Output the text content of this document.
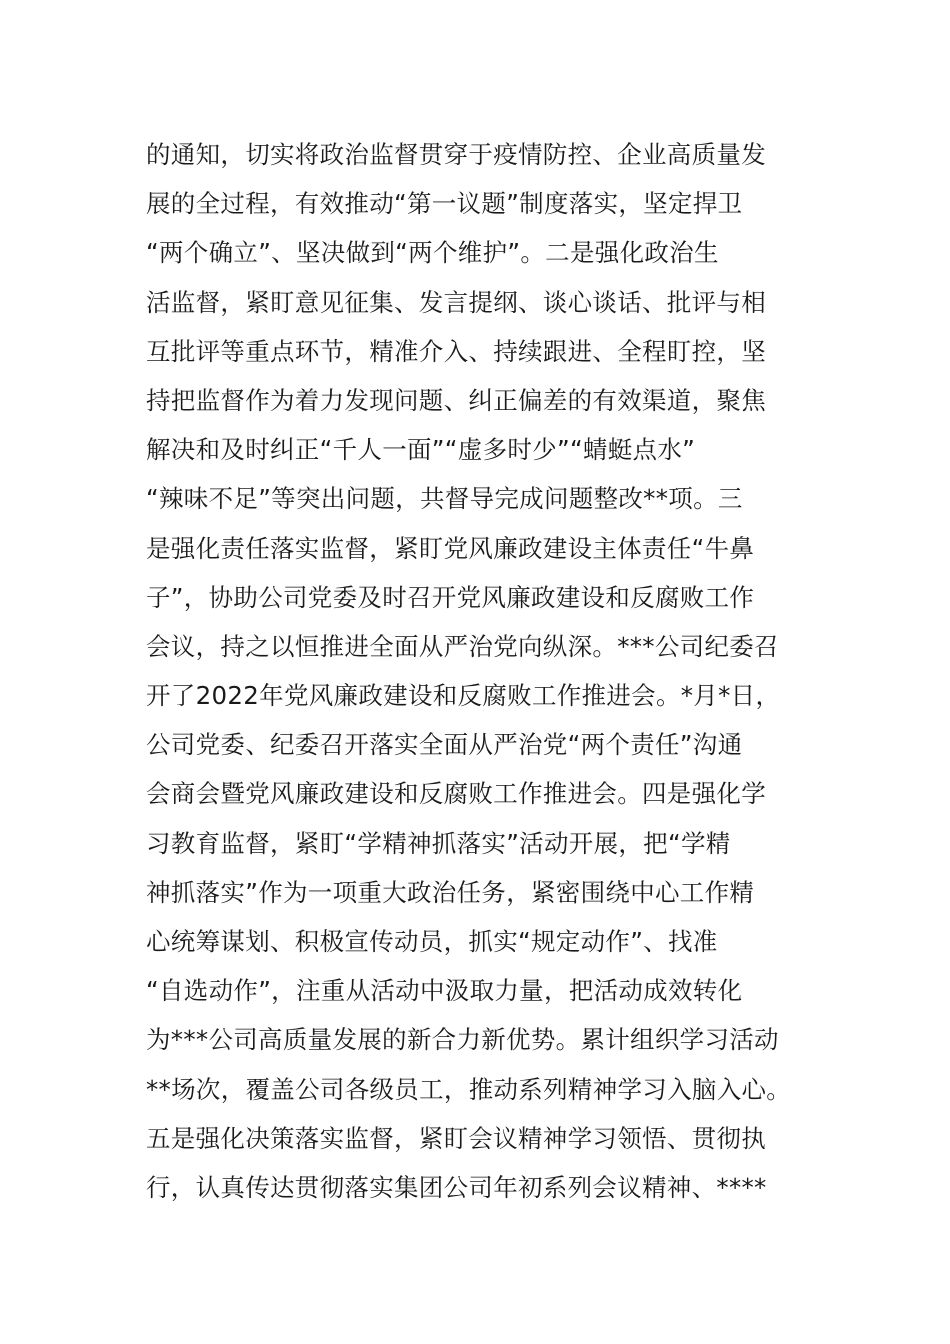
的通知，切实将政治监督贯穿于疫情防控、企业高质量发
展的全过程，有效推动“第一议题”制度落实，坚定捍卫
“两个确立”、坚决做到“两个维护”。二是强化政治生
活监督，紧盯意见征集、发言提纲、谈心谈话、批评与相
互批评等重点环节，精准介入、持续跟进、全程盯控，坚
持把监督作为着力发现问题、纠正偏差的有效渠道，聚焦
解决和及时纠正“千人一面”“虚多时少”“蜻蜓点水”
“辣味不足”等突出问题，共督导完成问题整改**项。三
是强化责任落实监督，紧盯党风廉政建设主体责任“牛鼻
子”，协助公司党委及时召开党风廉政建设和反腐败工作
会议，持之以恒推进全面从严治党向纵深。***公司纪委召
开了2022年党风廉政建设和反腐败工作推进会。*月*日，
公司党委、纪委召开落实全面从严治党“两个责任”沟通
会商会暨党风廉政建设和反腐败工作推进会。四是强化学
习教育监督，紧盯“学精神抓落实”活动开展，把“学精
神抓落实”作为一项重大政治任务，紧密围绕中心工作精
心统筹谋划、积极宣传动员，抓实“规定动作”、找准
“自选动作”，注重从活动中汲取力量，把活动成效转化
为***公司高质量发展的新合力新优势。累计组织学习活动
**场次，覆盖公司各级员工，推动系列精神学习入脑入心。
五是强化决策落实监督，紧盯会议精神学习领悟、贯彻执
行，认真传达贯彻落实集团公司年初系列会议精神、****
